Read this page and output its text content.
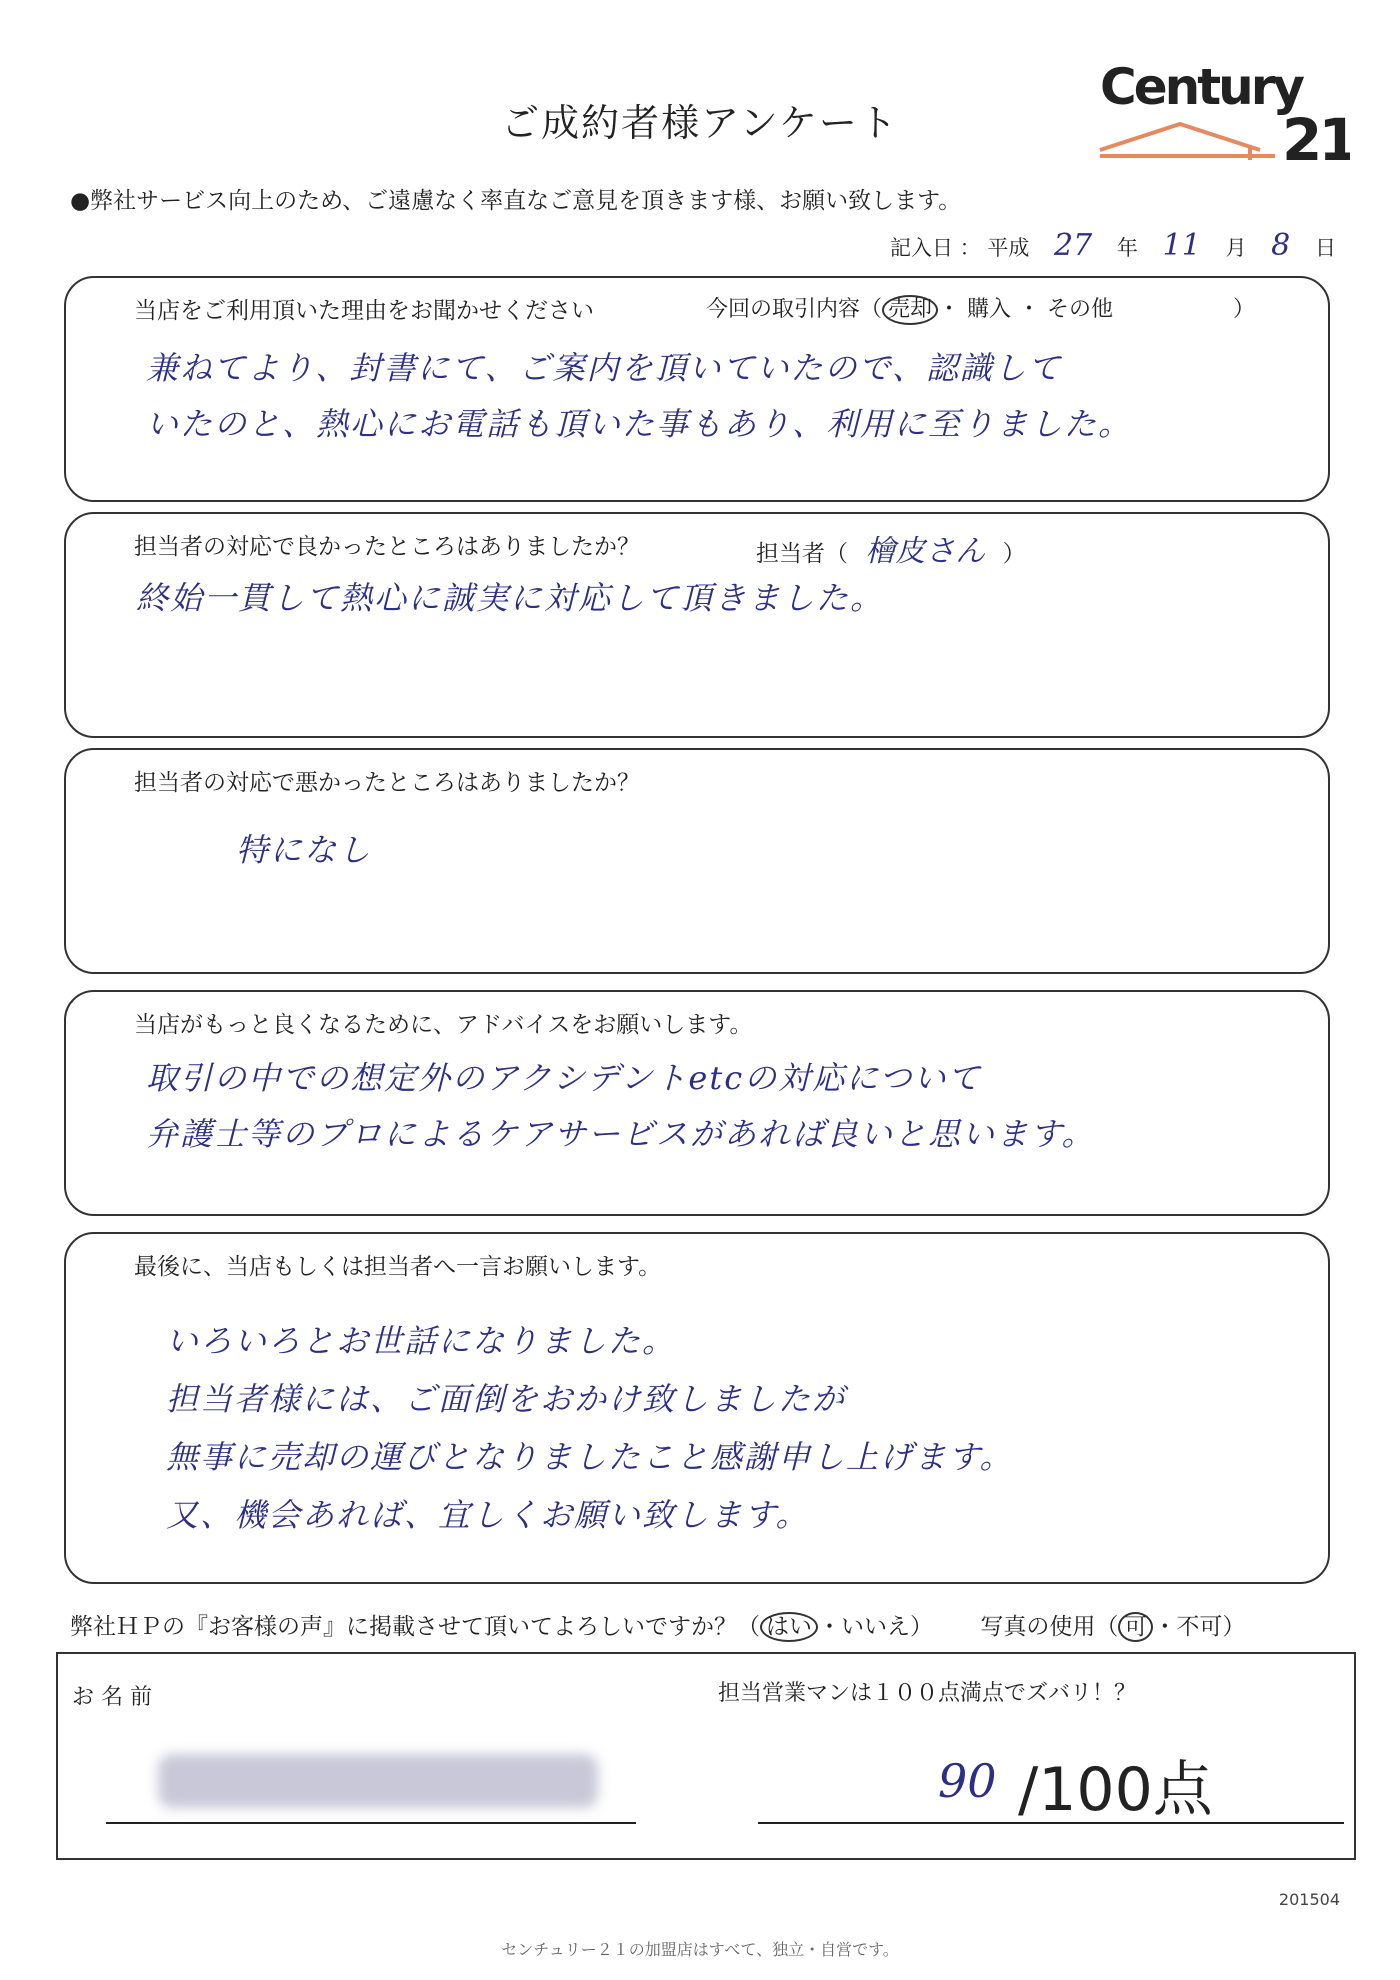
ご成約者様アンケート
Century
21
●弊社サービス向上のため、ご遠慮なく率直なご意見を頂きます様、お願い致します。
記入日 ： 平成 27 年 11 月 8 日
当店をご利用頂いた理由をお聞かせください	今回の取引内容（ 売却 ・ 購入 ・ その他	）
兼ねてより、封書にて、ご案内を頂いていたので、認識して
いたのと、熱心にお電話も頂いた事もあり、利用に至りました。
担当者の対応で良かったところはありましたか？	担当者（ 檜皮さん ）
終始一貫して熱心に誠実に対応して頂きました。
担当者の対応で悪かったところはありましたか？
特になし
当店がもっと良くなるために、アドバイスをお願いします。
取引の中での想定外のアクシデントetcの対応について
弁護士等のプロによるケアサービスがあれば良いと思います。
最後に、当店もしくは担当者へ一言お願いします。
いろいろとお世話になりました。
担当者様には、ご面倒をおかけ致しましたが
無事に売却の運びとなりましたこと感謝申し上げます。
又、機会あれば、宜しくお願い致します。
弊社ＨＰの『お客様の声』に掲載させて頂いてよろしいですか？（ はい ・いいえ） 写真の使用（ 可 ・不可）
お 名 前	担当営業マンは１００点満点でズバリ！？
90 /100点
201504
センチュリー２１の加盟店はすべて、独立・自営です。
